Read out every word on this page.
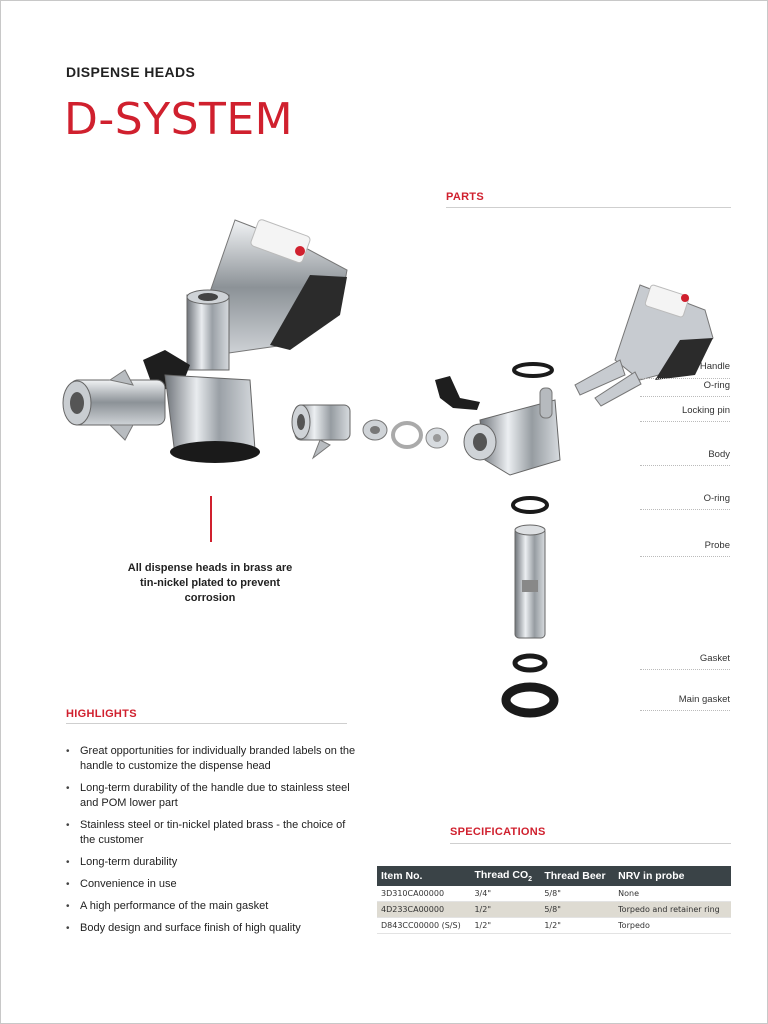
DISPENSE HEADS
D-SYSTEM
PARTS
Handle
O-ring
Locking pin
Body
O-ring
Probe
Gasket
Main gasket
All dispense heads in brass are tin-nickel plated to prevent corrosion
HIGHLIGHTS
• Great opportunities for individually branded labels on the handle to customize the dispense head
• Long-term durability of the handle due to stainless steel and POM lower part
• Stainless steel or tin-nickel plated brass - the choice of the customer
• Long-term durability
• Convenience in use
• A high performance of the main gasket
• Body design and surface finish of high quality
SPECIFICATIONS
Item No.	Thread $CO_2$	Thread Beer	NRV in probe
3D310CA00000	3/4"	5/8"	None
4D233CA00000	1/2"	5/8"	Torpedo and retainer ring
D843CC00000 (S/S)	1/2"	1/2"	Torpedo
